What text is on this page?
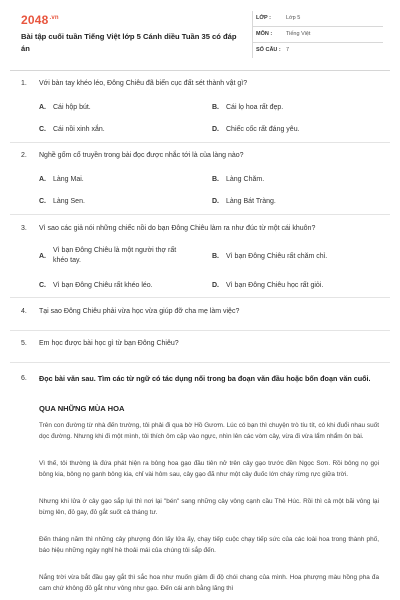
$2048^{.vn}$
Bài tập cuối tuần Tiếng Việt lớp 5 Cánh diều Tuần 35 có đáp án
LỚP :	Lớp 5
MÔN :	Tiếng Việt
SỐ CÂU : 7
1. Với bàn tay khéo léo, Đông Chiêu đã biến cục đất sét thành vật gì?
A. Cái hộp bút.	B. Cái lọ hoa rất đẹp.
C. Cái nồi xinh xắn.	D. Chiếc cốc rất đáng yêu.
2. Nghề gốm cổ truyền trong bài đọc được nhắc tới là của làng nào?
A. Làng Mai.	B. Làng Chăm.
C. Làng Sen.	D. Làng Bát Tràng.
3. Vì sao các giả nói những chiếc nồi do bạn Đông Chiêu làm ra như đúc từ một cái khuôn?
A.
Vì bạn Đông Chiêu là một người thợ rất khéo tay.
B. Vì bạn Đông Chiêu rất chăm chỉ.
C. Vì bạn Đông Chiêu rất khéo léo.	D. Vì bạn Đông Chiêu học rất giỏi.
4. Tại sao Đông Chiêu phải vừa học vừa giúp đỡ cha mẹ làm việc?
5. Em học được bài học gì từ bạn Đông Chiêu?
6. Đọc bài văn sau. Tìm các từ ngữ có tác dụng nối trong ba đoạn văn đầu hoặc bốn đoạn văn cuối.
QUA NHỮNG MÙA HOA
Trên con đường từ nhà đến trường, tôi phải đi qua bờ Hồ Gươm. Lúc có bạn thì chuyện trò tíu tít, có khi đuổi nhau suốt dọc đường. Nhưng khi đi một mình, tôi thích ôm cặp vào ngực, nhìn lên các vòm cây, vừa đi vừa lẩm nhẩm ôn bài.
Vì thế, tôi thường là đứa phát hiện ra bông hoa gạo đầu tiên nở trên cây gạo trước đền Ngọc Sơn. Rồi bông nọ gọi bông kia, bông nọ ganh bông kia, chỉ vài hôm sau, cây gạo đã như một cây đuốc lớn cháy rừng rực giữa trời.
Nhưng khi lửa ở cây gạo sắp lụi thì nơi lại "bén" sang những cây vông cạnh cầu Thê Húc. Rồi thì cả một bãi vông lại bừng lên, đỏ gay, đỏ gắt suốt cả tháng tư.
Đến tháng năm thì những cây phượng đón lấy lửa ấy, chạy tiếp cuộc chạy tiếp sức của các loài hoa trong thành phố, báo hiệu những ngày nghỉ hè thoải mái của chúng tôi sắp đến.
Nắng trời vừa bắt đầu gay gắt thì sắc hoa như muốn giảm đi độ chói chang của mình. Hoa phượng màu hồng pha đa cam chứ không đỏ gắt như vông như gạo. Đến cái anh bằng lăng thì
